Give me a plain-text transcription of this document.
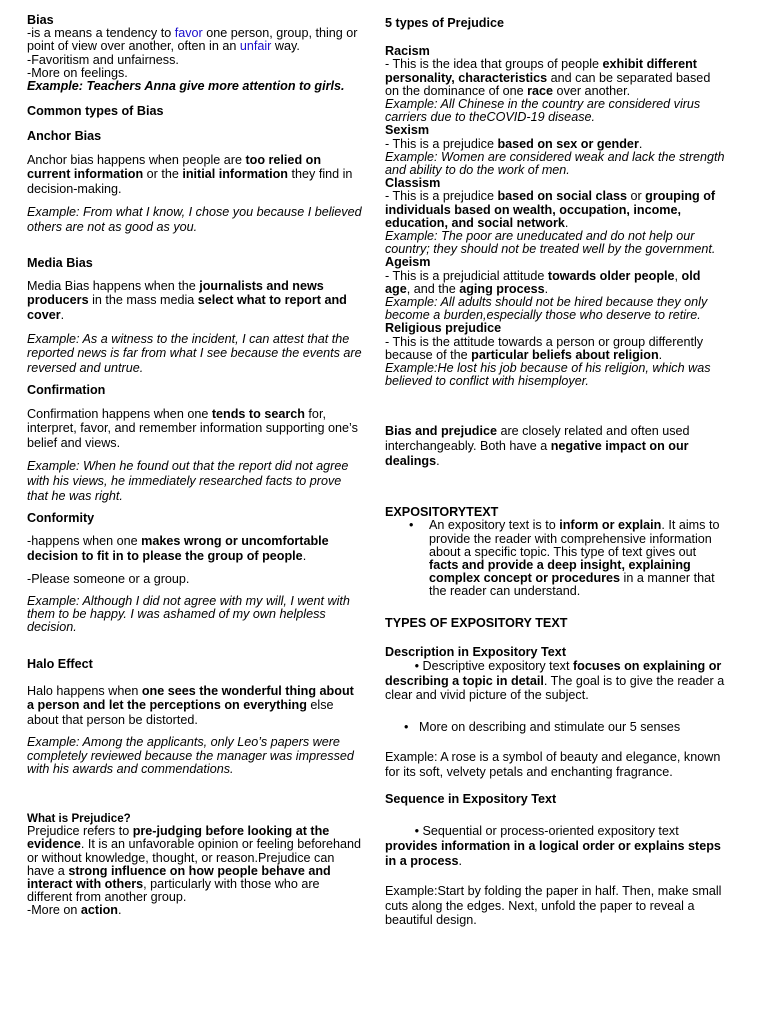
Bias

-is a means a tendency to favor one person, group, thing or point of view over another, often in an unfair way.

-Favoritism and unfairness.

-More on feelings.

Example: Teachers Anna give more attention to girls.

Common types of Bias

Anchor Bias

Anchor bias happens when people are too relied on current information or the initial information they find in decision-making.

Example: From what I know, I chose you because I believed others are not as good as you.

Media Bias

Media Bias happens when the journalists and news producers in the mass media select what to report and cover.

Example: As a witness to the incident, I can attest that the reported news is far from what I see because the events are reversed and untrue.

Confirmation

Confirmation happens when one tends to search for, interpret, favor, and remember information supporting one’s belief and views.

Example: When he found out that the report did not agree with his views, he immediately researched facts to prove that he was right.

Conformity

-happens when one makes wrong or uncomfortable decision to fit in to please the group of people.

-Please someone or a group.

Example: Although I did not agree with my will, I went with them to be happy. I was ashamed of my own helpless decision.

Halo Effect

Halo happens when one sees the wonderful thing about a person and let the perceptions on everything else about that person be distorted.

Example: Among the applicants, only Leo’s papers were completely reviewed because the manager was impressed with his awards and commendations.

What is Prejudice?

Prejudice refers to pre-judging before looking at the evidence. It is an unfavorable opinion or feeling beforehand or without knowledge, thought, or reason.Prejudice can have a strong influence on how people behave and interact with others, particularly with those who are different from another group.

-More on action.

5 types of Prejudice

Racism

- This is the idea that groups of people exhibit different personality, characteristics and can be separated based on the dominance of one race over another.

Example: All Chinese in the country are considered virus carriers due to theCOVID-19 disease.

Sexism

- This is a prejudice based on sex or gender.

Example: Women are considered weak and lack the strength and ability to do the work of men.

Classism

- This is a prejudice based on social class or grouping of individuals based on wealth, occupation, income, education, and social network.

Example: The poor are uneducated and do not help our country; they should not be treated well by the government.

Ageism

- This is a prejudicial attitude towards older people, old age, and the aging process.

Example: All adults should not be hired because they only become a burden,especially those who deserve to retire.

Religious prejudice

- This is the attitude towards a person or group differently because of the particular beliefs about religion.

Example:He lost his job because of his religion, which was believed to conflict with hisemployer.

Bias and prejudice are closely related and often used interchangeably. Both have a negative impact on our dealings.

EXPOSITORYTEXT

• An expository text is to inform or explain. It aims to provide the reader with comprehensive information about a specific topic. This type of text gives out facts and provide a deep insight, explaining complex concept or procedures in a manner that the reader can understand.

TYPES OF EXPOSITORY TEXT

Description in Expository Text

• Descriptive expository text focuses on explaining or describing a topic in detail. The goal is to give the reader a clear and vivid picture of the subject.

• More on describing and stimulate our 5 senses

Example: A rose is a symbol of beauty and elegance, known for its soft, velvety petals and enchanting fragrance.

Sequence in Expository Text

• Sequential or process-oriented expository text provides information in a logical order or explains steps in a process.

Example:Start by folding the paper in half. Then, make small cuts along the edges. Next, unfold the paper to reveal a beautiful design.
